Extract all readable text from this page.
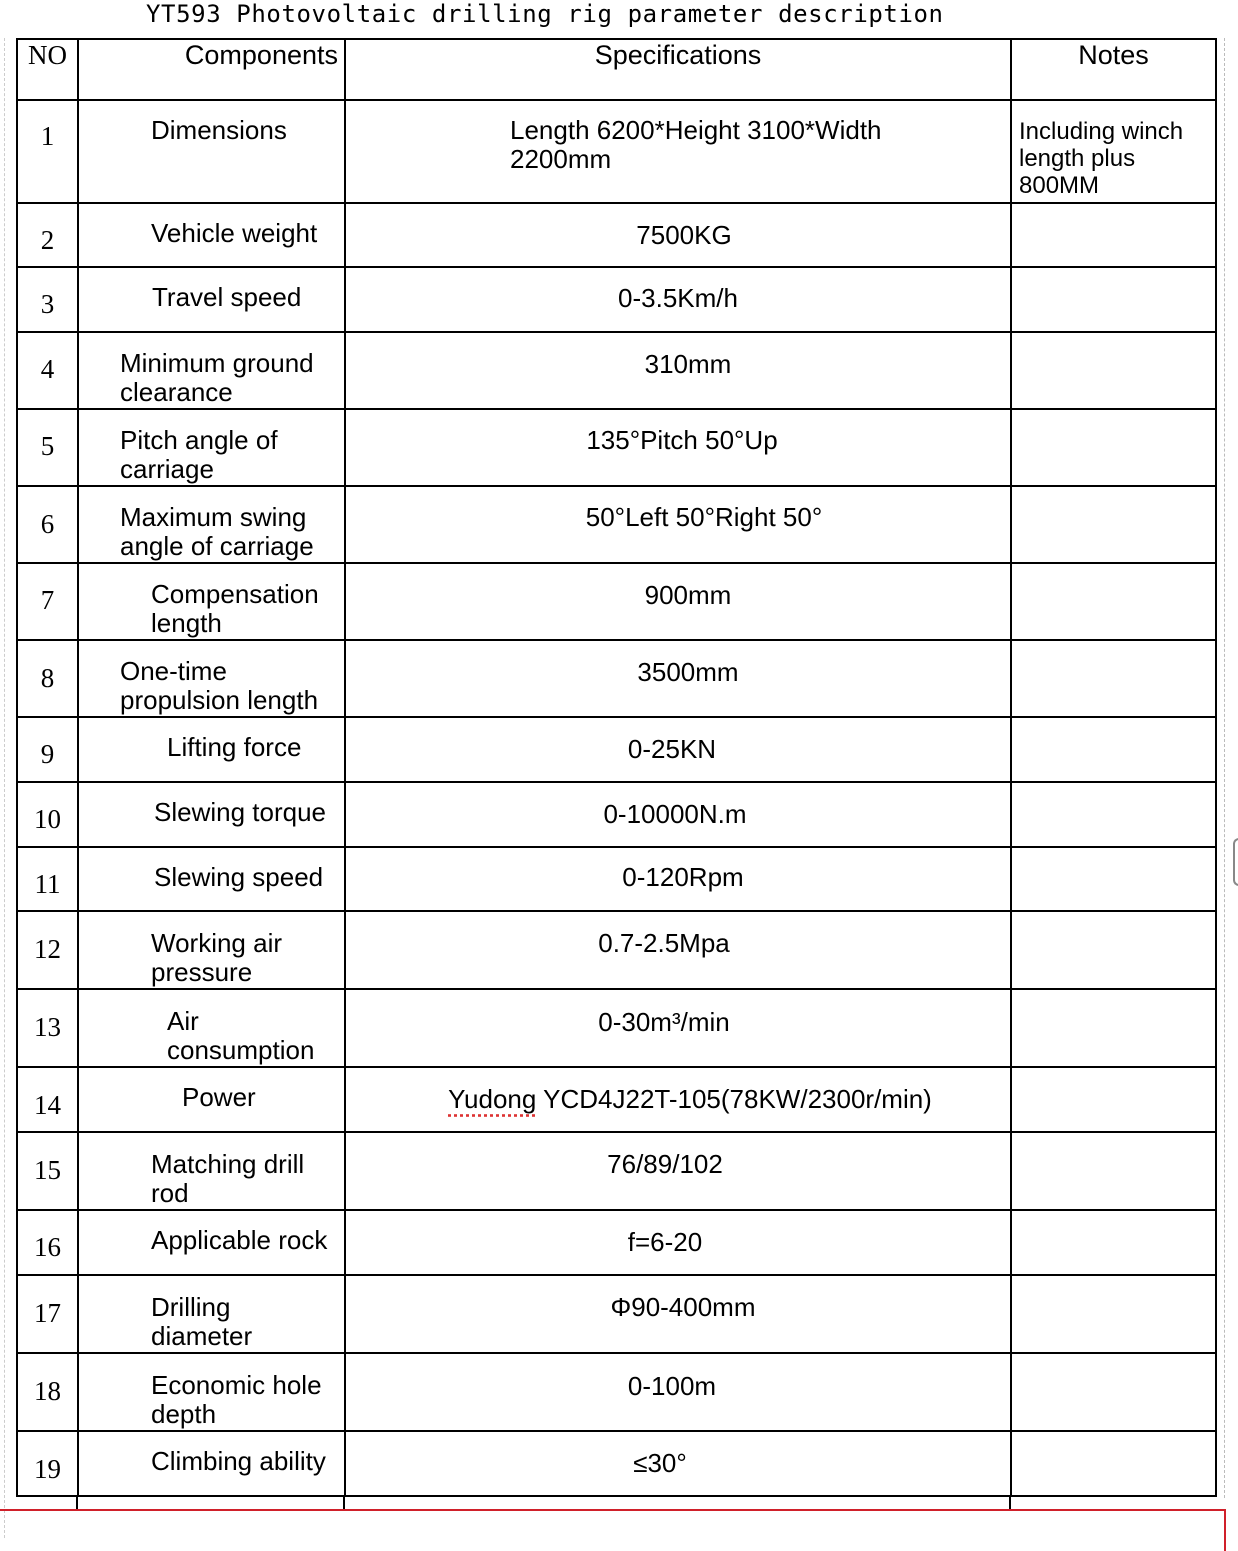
YT593 Photovoltaic drilling rig parameter description
NO	Components	Specifications	Notes

1	Dimensions	Length 6200*Height 3100*Width 2200mm	Including winch length plus 800MM

2	Vehicle weight	7500KG	

3	Travel speed	0-3.5Km/h	

4	Minimum ground clearance	310mm	

5	Pitch angle of carriage	135°Pitch 50°Up	

6	Maximum swing angle of carriage	50°Left 50°Right 50°	

7	Compensation length	900mm	

8	One-time propulsion length	3500mm	

9	Lifting force	0-25KN	

10	Slewing torque	0-10000N.m	

11	Slewing speed	0-120Rpm	

12	Working air pressure	0.7-2.5Mpa	

13	Air consumption	0-30m³/min	

14	Power	Yudong YCD4J22T-105(78KW/2300r/min)	

15	Matching drill rod	76/89/102	

16	Applicable rock	f=6-20	

17	Drilling diameter	Φ90-400mm	

18	Economic hole depth	0-100m	

19	Climbing ability	≤30°	
